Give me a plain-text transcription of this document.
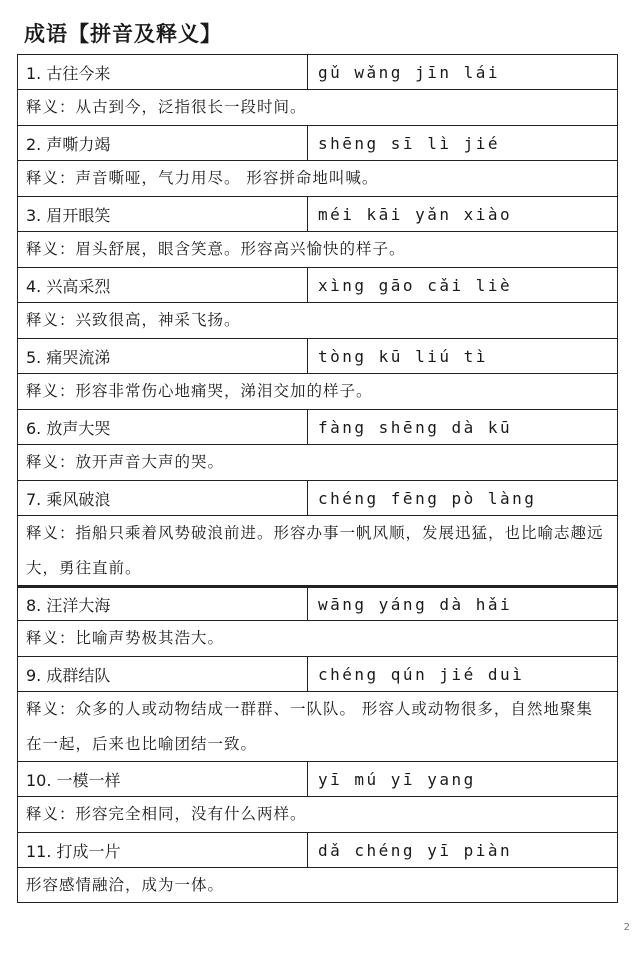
成语【拼音及释义】
1. 古往今来	gǔ wǎng jīn lái
释义：从古到今，泛指很长一段时间。
2. 声嘶力竭	shēng sī lì jié
释义：声音嘶哑，气力用尽。 形容拼命地叫喊。
3. 眉开眼笑	méi kāi yǎn xiào
释义：眉头舒展，眼含笑意。形容高兴愉快的样子。
4. 兴高采烈	xìng gāo cǎi liè
释义：兴致很高，神采飞扬。
5. 痛哭流涕	tòng kū liú tì
释义：形容非常伤心地痛哭，涕泪交加的样子。
6. 放声大哭	fàng shēng dà kū
释义：放开声音大声的哭。
7. 乘风破浪	chéng fēng pò làng
释义：指船只乘着风势破浪前进。形容办事一帆风顺，发展迅猛，也比喻志趣远大，勇往直前。
8. 汪洋大海	wāng yáng dà hǎi
释义：比喻声势极其浩大。
9. 成群结队	chéng qún jié duì
释义：众多的人或动物结成一群群、一队队。 形容人或动物很多，自然地聚集在一起，后来也比喻团结一致。
10. 一模一样	yī mú yī yang
释义：形容完全相同，没有什么两样。
11. 打成一片	dǎ chéng yī piàn
形容感情融洽，成为一体。
2
